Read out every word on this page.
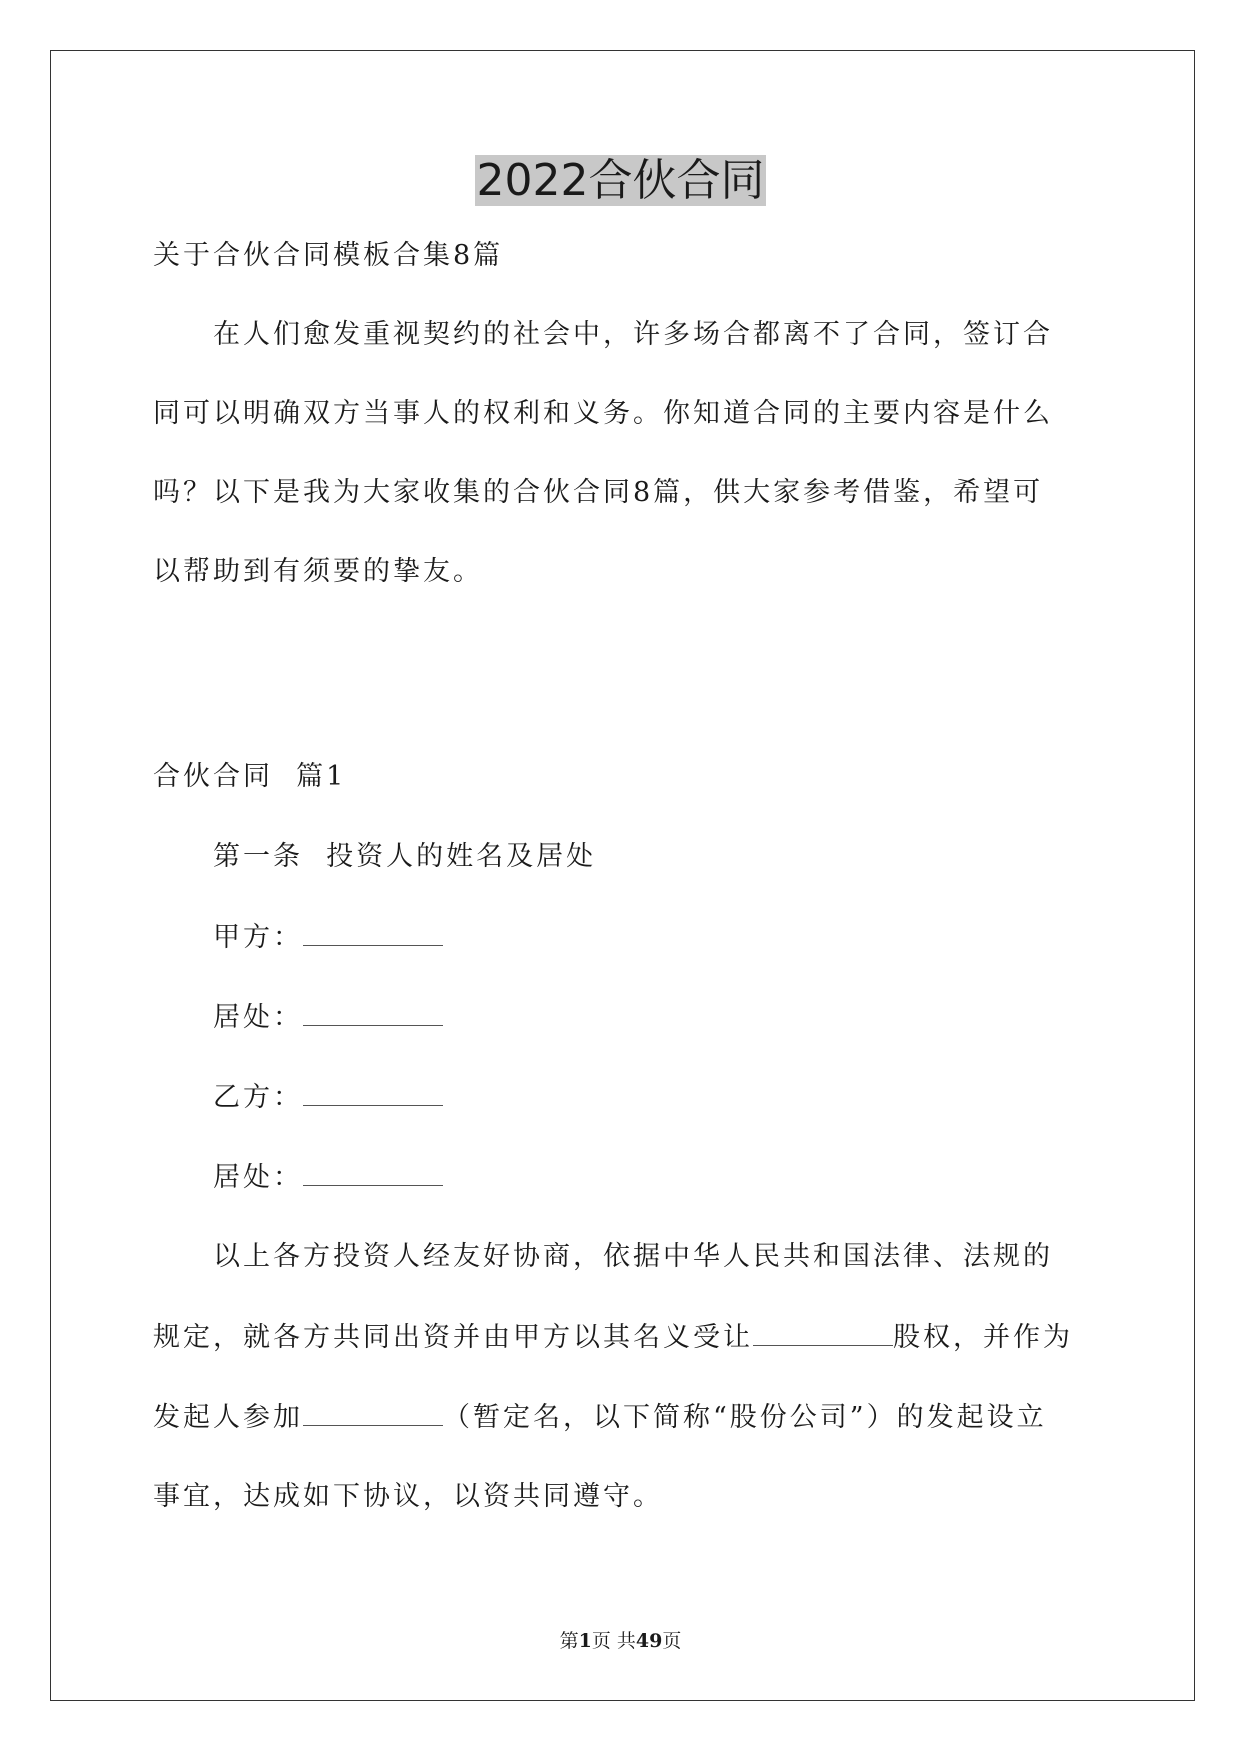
2022合伙合同
关于合伙合同模板合集8篇
在人们愈发重视契约的社会中，许多场合都离不了合同，签订合
同可以明确双方当事人的权利和义务。你知道合同的主要内容是什么
吗？以下是我为大家收集的合伙合同8篇，供大家参考借鉴，希望可
以帮助到有须要的挚友。
合伙合同  篇1
第一条  投资人的姓名及居处
甲方：
居处：
乙方：
居处：
以上各方投资人经友好协商，依据中华人民共和国法律、法规的
规定，就各方共同出资并由甲方以其名义受让	股权，并作为
发起人参加	（暂定名，以下简称“股份公司”）的发起设立
事宜，达成如下协议，以资共同遵守。
第1页 共49页
